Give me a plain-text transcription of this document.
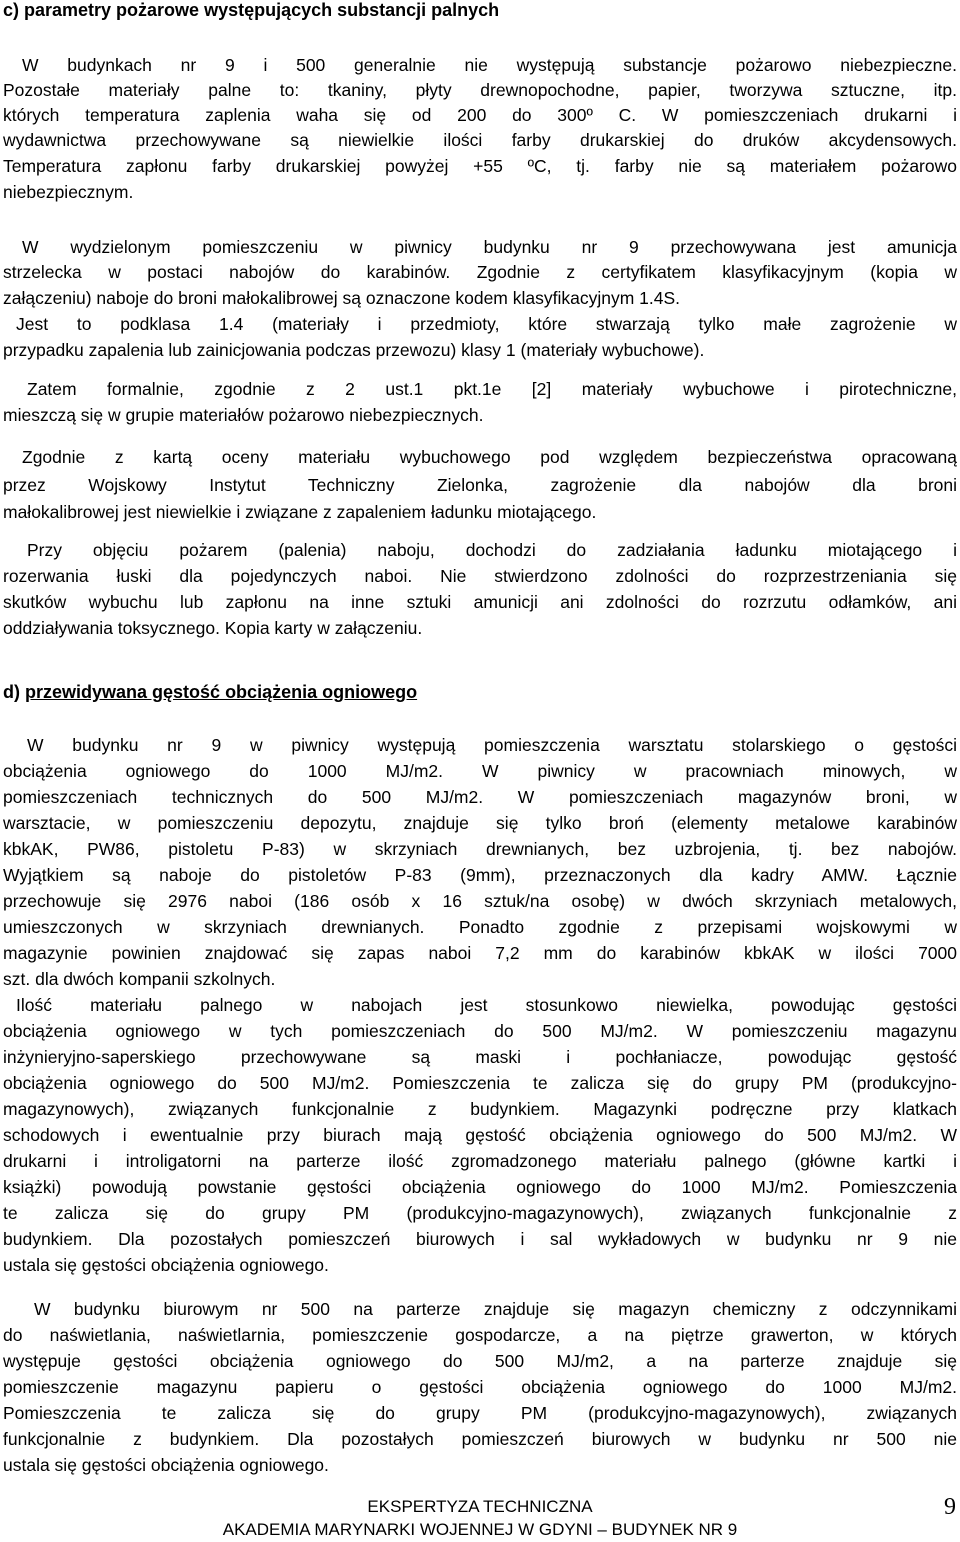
c) parametry pożarowe występujących substancji palnych
W budynkach nr 9 i 500 generalnie nie występują substancje pożarowo niebezpieczne.
Pozostałe materiały palne to: tkaniny, płyty drewnopochodne, papier, tworzywa sztuczne, itp.
których temperatura zaplenia waha się od 200 do 300º C. W pomieszczeniach drukarni i
wydawnictwa przechowywane są niewielkie ilości farby drukarskiej do druków akcydensowych.
Temperatura zapłonu farby drukarskiej powyżej +55 ºC, tj. farby nie są materiałem pożarowo
niebezpiecznym.
W wydzielonym pomieszczeniu w piwnicy budynku nr 9 przechowywana jest amunicja
strzelecka w postaci nabojów do karabinów. Zgodnie z certyfikatem klasyfikacyjnym (kopia w
załączeniu) naboje do broni małokalibrowej są oznaczone kodem klasyfikacyjnym 1.4S.
Jest to podklasa 1.4 (materiały i przedmioty, które stwarzają tylko małe zagrożenie w
przypadku zapalenia lub zainicjowania podczas przewozu) klasy 1 (materiały wybuchowe).
Zatem formalnie, zgodnie z 2 ust.1 pkt.1e [2] materiały wybuchowe i pirotechniczne,
mieszczą się w grupie materiałów pożarowo niebezpiecznych.
Zgodnie z kartą oceny materiału wybuchowego pod względem bezpieczeństwa opracowaną
przez Wojskowy Instytut Techniczny Zielonka, zagrożenie dla nabojów dla broni
małokalibrowej jest niewielkie i związane z zapaleniem ładunku miotającego.
Przy objęciu pożarem (palenia) naboju, dochodzi do zadziałania ładunku miotającego i
rozerwania łuski dla pojedynczych naboi. Nie stwierdzono zdolności do rozprzestrzeniania się
skutków wybuchu lub zapłonu na inne sztuki amunicji ani zdolności do rozrzutu odłamków, ani
oddziaływania toksycznego. Kopia karty w załączeniu.
d) przewidywana gęstość obciążenia ogniowego
W budynku nr 9 w piwnicy występują pomieszczenia warsztatu stolarskiego o gęstości
obciążenia ogniowego do 1000 MJ/m2. W piwnicy w pracowniach minowych, w
pomieszczeniach technicznych do 500 MJ/m2. W pomieszczeniach magazynów broni, w
warsztacie, w pomieszczeniu depozytu, znajduje się tylko broń (elementy metalowe karabinów
kbkAK, PW86, pistoletu P-83) w skrzyniach drewnianych, bez uzbrojenia, tj. bez nabojów.
Wyjątkiem są naboje do pistoletów P-83 (9mm), przeznaczonych dla kadry AMW. Łącznie
przechowuje się 2976 naboi (186 osób x 16 sztuk/na osobę) w dwóch skrzyniach metalowych,
umieszczonych w skrzyniach drewnianych. Ponadto zgodnie z przepisami wojskowymi w
magazynie powinien znajdować się zapas naboi 7,2 mm do karabinów kbkAK w ilości 7000
szt. dla dwóch kompanii szkolnych.
Ilość materiału palnego w nabojach jest stosunkowo niewielka, powodując gęstości
obciążenia ogniowego w tych pomieszczeniach do 500 MJ/m2. W pomieszczeniu magazynu
inżynieryjno-saperskiego przechowywane są maski i pochłaniacze, powodując gęstość
obciążenia ogniowego do 500 MJ/m2. Pomieszczenia te zalicza się do grupy PM (produkcyjno-
magazynowych), związanych funkcjonalnie z budynkiem. Magazynki podręczne przy klatkach
schodowych i ewentualnie przy biurach mają gęstość obciążenia ogniowego do 500 MJ/m2. W
drukarni i introligatorni na parterze ilość zgromadzonego materiału palnego (główne kartki i
książki) powodują powstanie gęstości obciążenia ogniowego do 1000 MJ/m2. Pomieszczenia
te zalicza się do grupy PM (produkcyjno-magazynowych), związanych funkcjonalnie z
budynkiem. Dla pozostałych pomieszczeń biurowych i sal wykładowych w budynku nr 9 nie
ustala się gęstości obciążenia ogniowego.
W budynku biurowym nr 500 na parterze znajduje się magazyn chemiczny z odczynnikami
do naświetlania, naświetlarnia, pomieszczenie gospodarcze, a na piętrze grawerton, w których
występuje gęstości obciążenia ogniowego do 500 MJ/m2, a na parterze znajduje się
pomieszczenie magazynu papieru o gęstości obciążenia ogniowego do 1000 MJ/m2.
Pomieszczenia te zalicza się do grupy PM (produkcyjno-magazynowych), związanych
funkcjonalnie z budynkiem. Dla pozostałych pomieszczeń biurowych w budynku nr 500 nie
ustala się gęstości obciążenia ogniowego.
EKSPERTYZA TECHNICZNA
AKADEMIA MARYNARKI WOJENNEJ W GDYNI – BUDYNEK NR 9
9
